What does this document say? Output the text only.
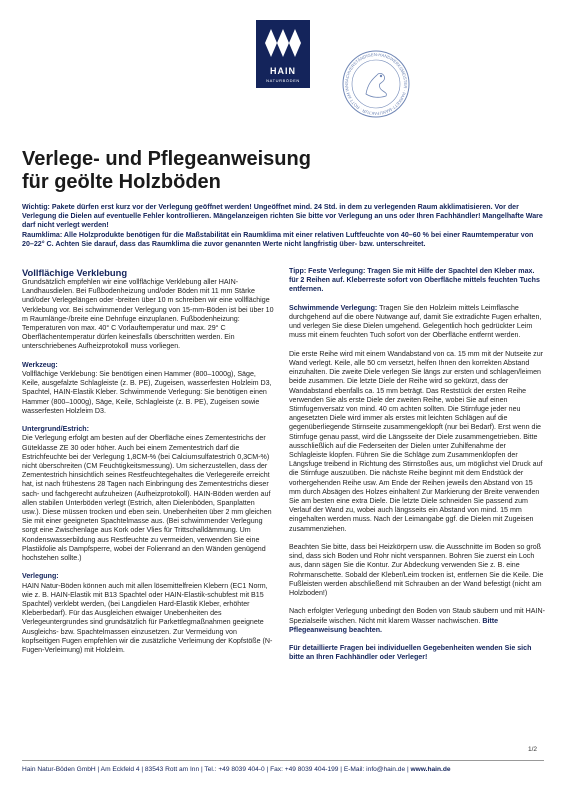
HAIN
NATURBÖDEN	SACHVERSTÄNDIGEN-HANDWERKSMEISTER · PARKETT-MANUFAKTUR · ROTT AM INN
Verlege- und Pflegeanweisung
für geölte Holzböden
Wichtig: Pakete dürfen erst kurz vor der Verlegung geöffnet werden! Ungeöffnet mind. 24 Std. in dem zu verlegenden Raum akklimatisieren. Vor der Verlegung die Dielen auf eventuelle Fehler kontrollieren. Mängelanzeigen richten Sie bitte vor Verlegung an uns oder Ihren Fachhändler! Mangelhafte Ware darf nicht verlegt werden!
Raumklima: Alle Holzprodukte benötigen für die Maßstabilität ein Raumklima mit einer relativen Luftfeuchte von 40–60 % bei einer Raumtemperatur von 20–22° C. Achten Sie darauf, dass das Raumklima die zuvor genannten Werte nicht langfristig über- bzw. unterschreitet.
Vollflächige Verklebung

Grundsätzlich empfehlen wir eine vollflächige Verklebung aller HAIN-Landhausdielen. Bei Fußbodenheizung und/oder Böden mit 11 mm Stärke und/oder Verlegelängen oder -breiten über 10 m schreiben wir eine vollflächige Verklebung vor. Bei schwimmender Verlegung von 15-mm-Böden ist bei über 10 m Raumlänge-/breite eine Dehnfuge einzuplanen. Fußbodenheizung: Temperaturen von max. 40° C Vorlauftemperatur und max. 29° C Oberflächentemperatur dürfen keinesfalls überschritten werden. Ein unterschriebenes Aufheizprotokoll muss vorliegen.

Werkzeug:

Vollflächige Verklebung: Sie benötigen einen Hammer (800–1000g), Säge, Keile, ausgefalzte Schlagleiste (z. B. PE), Zugeisen, wasserfesten Holzleim D3, Spachtel, HAIN-Elastik Kleber. Schwimmende Verlegung: Sie benötigen einen Hammer (800–1000g), Säge, Keile, Schlagleiste (z. B. PE), Zugeisen sowie wasserfesten Holzleim D3.

Untergrund/Estrich:

Die Verlegung erfolgt am besten auf der Oberfläche eines Zementestrichs der Güteklasse ZE 30 oder höher. Auch bei einem Zementestrich darf die Estrichfeuchte bei der Verlegung 1,8CM-% (bei Calciumsulfatestrich 0,3CM-%) nicht überschreiten (CM Feuchtigkeitsmessung). Um sicherzustellen, dass der Zementestrich hinsichtlich seines Restfeuchtegehaltes die Verlegereife erreicht hat, ist nach frühestens 28 Tagen nach Einbringung des Zementestrichs dieser sach- und fachgerecht aufzuheizen (Aufheizprotokoll). HAIN-Böden werden auf allen stabilen Unterböden verlegt (Estrich, alten Dielenböden, Spanplatten usw.). Diese müssen trocken und eben sein. Unebenheiten über 2 mm gleichen Sie mit einer geeigneten Spachtelmasse aus. (Bei schwimmender Verlegung sorgt eine Zwischenlage aus Kork oder Vlies für Trittschalldämmung. Um Kondenswasserbildung aus Restfeuchte zu vermeiden, verwenden Sie eine Plastikfolie als Dampfsperre, wobei der Folienrand an den Wänden genügend hochstehen sollte.)

Verlegung:

HAIN Natur-Böden können auch mit allen lösemittelfreien Klebern (EC1 Norm, wie z. B. HAIN-Elastik mit B13 Spachtel oder HAIN-Elastik-schubfest mit B15 Spachtel) verklebt werden, (bei Langdielen Hard-Elastik Kleber, erhöhter Kleberbedarf). Für das Ausgleichen etwaiger Unebenheiten des Verlegeuntergrundes sind grundsätzlich für Parkettlegmaßnahmen geeignete Ausgleichs- bzw. Spachtelmassen einzusetzen. Zur Vermeidung von kopfseitigen Fugen empfehlen wir die zusätzliche Verleimung der Kopfstöße (N-Fugen-Verleimung) mit Holzleim.

Tipp: Feste Verlegung: Tragen Sie mit Hilfe der Spachtel den Kleber max. für 2 Reihen auf. Kleberreste sofort von Oberfläche mittels feuchten Tuchs entfernen.

Schwimmende Verlegung: Tragen Sie den Holzleim mittels Leimflasche durchgehend auf die obere Nutwange auf, damit Sie extradichte Fugen erhalten, und verlegen Sie diese Dielen umgehend. Gelegentlich hoch gedrückter Leim muss mit einem feuchten Tuch sofort von der Oberfläche entfernt werden.

Die erste Reihe wird mit einem Wandabstand von ca. 15 mm mit der Nutseite zur Wand verlegt. Keile, alle 50 cm versetzt, helfen Ihnen den korrekten Abstand einzuhalten. Die zweite Diele verlegen Sie längs zur ersten und schlagen/leimen beide zusammen. Die letzte Diele der Reihe wird so gekürzt, dass der Wandabstand ebenfalls ca. 15 mm beträgt. Das Reststück der ersten Reihe verwenden Sie als erste Diele der zweiten Reihe, wobei Sie auf einen Stirnfugenversatz von mind. 40 cm achten sollten. Die Stirnfuge jeder neu angesetzten Diele wird immer als erstes mit leichten Schlägen auf die gegenüberliegende Stirnseite zusammengeklopft (nur bei Bedarf). Erst wenn die Stirnfuge genau passt, wird die Längsseite der Diele zusammengetrieben. Bitte ausschließlich auf die Federseiten der Dielen unter Zuhilfenahme der Schlagleiste klopfen. Führen Sie die Schläge zum Zusammenklopfen der Längsfuge treibend in Richtung des Stirnstoßes aus, um möglichst viel Druck auf die Stirnfuge auszuüben. Die nächste Reihe beginnt mit dem Endstück der vorhergehenden Reihe usw. Am Ende der Reihen jeweils den Abstand von 15 mm durch Absägen des Holzes einhalten! Zur Markierung der Breite verwenden Sie am besten eine extra Diele. Die letzte Diele schneiden Sie passend zum Verlauf der Wand zu, wobei auch längsseits ein Abstand von mind. 15 mm eingehalten werden muss. Nach der Leimangabe ggf. die Dielen mit Zugeisen zusammenziehen.

Beachten Sie bitte, dass bei Heizkörpern usw. die Ausschnitte im Boden so groß sind, dass sich Boden und Rohr nicht verspannen. Bohren Sie zuerst ein Loch aus, dann sägen Sie die Kontur. Zur Abdeckung verwenden Sie z. B. eine Rohrmanschette. Sobald der Kleber/Leim trocken ist, entfernen Sie die Keile. Die Fußleisten werden abschließend mit Schrauben an der Wand befestigt (nicht am Holzboden!)

Nach erfolgter Verlegung unbedingt den Boden von Staub säubern und mit HAIN-Spezialseife wischen. Nicht mit klarem Wasser nachwischen. Bitte Pflegeanweisung beachten.

Für detaillierte Fragen bei individuellen Gegebenheiten wenden Sie sich bitte an Ihren Fachhändler oder Verleger!

1/2
Hain Natur-Böden GmbH | Am Eckfeld 4 | 83543 Rott am Inn | Tel.: +49 8039 404-0 | Fax: +49 8039 404-199 | E-Mail: info@hain.de | www.hain.de
